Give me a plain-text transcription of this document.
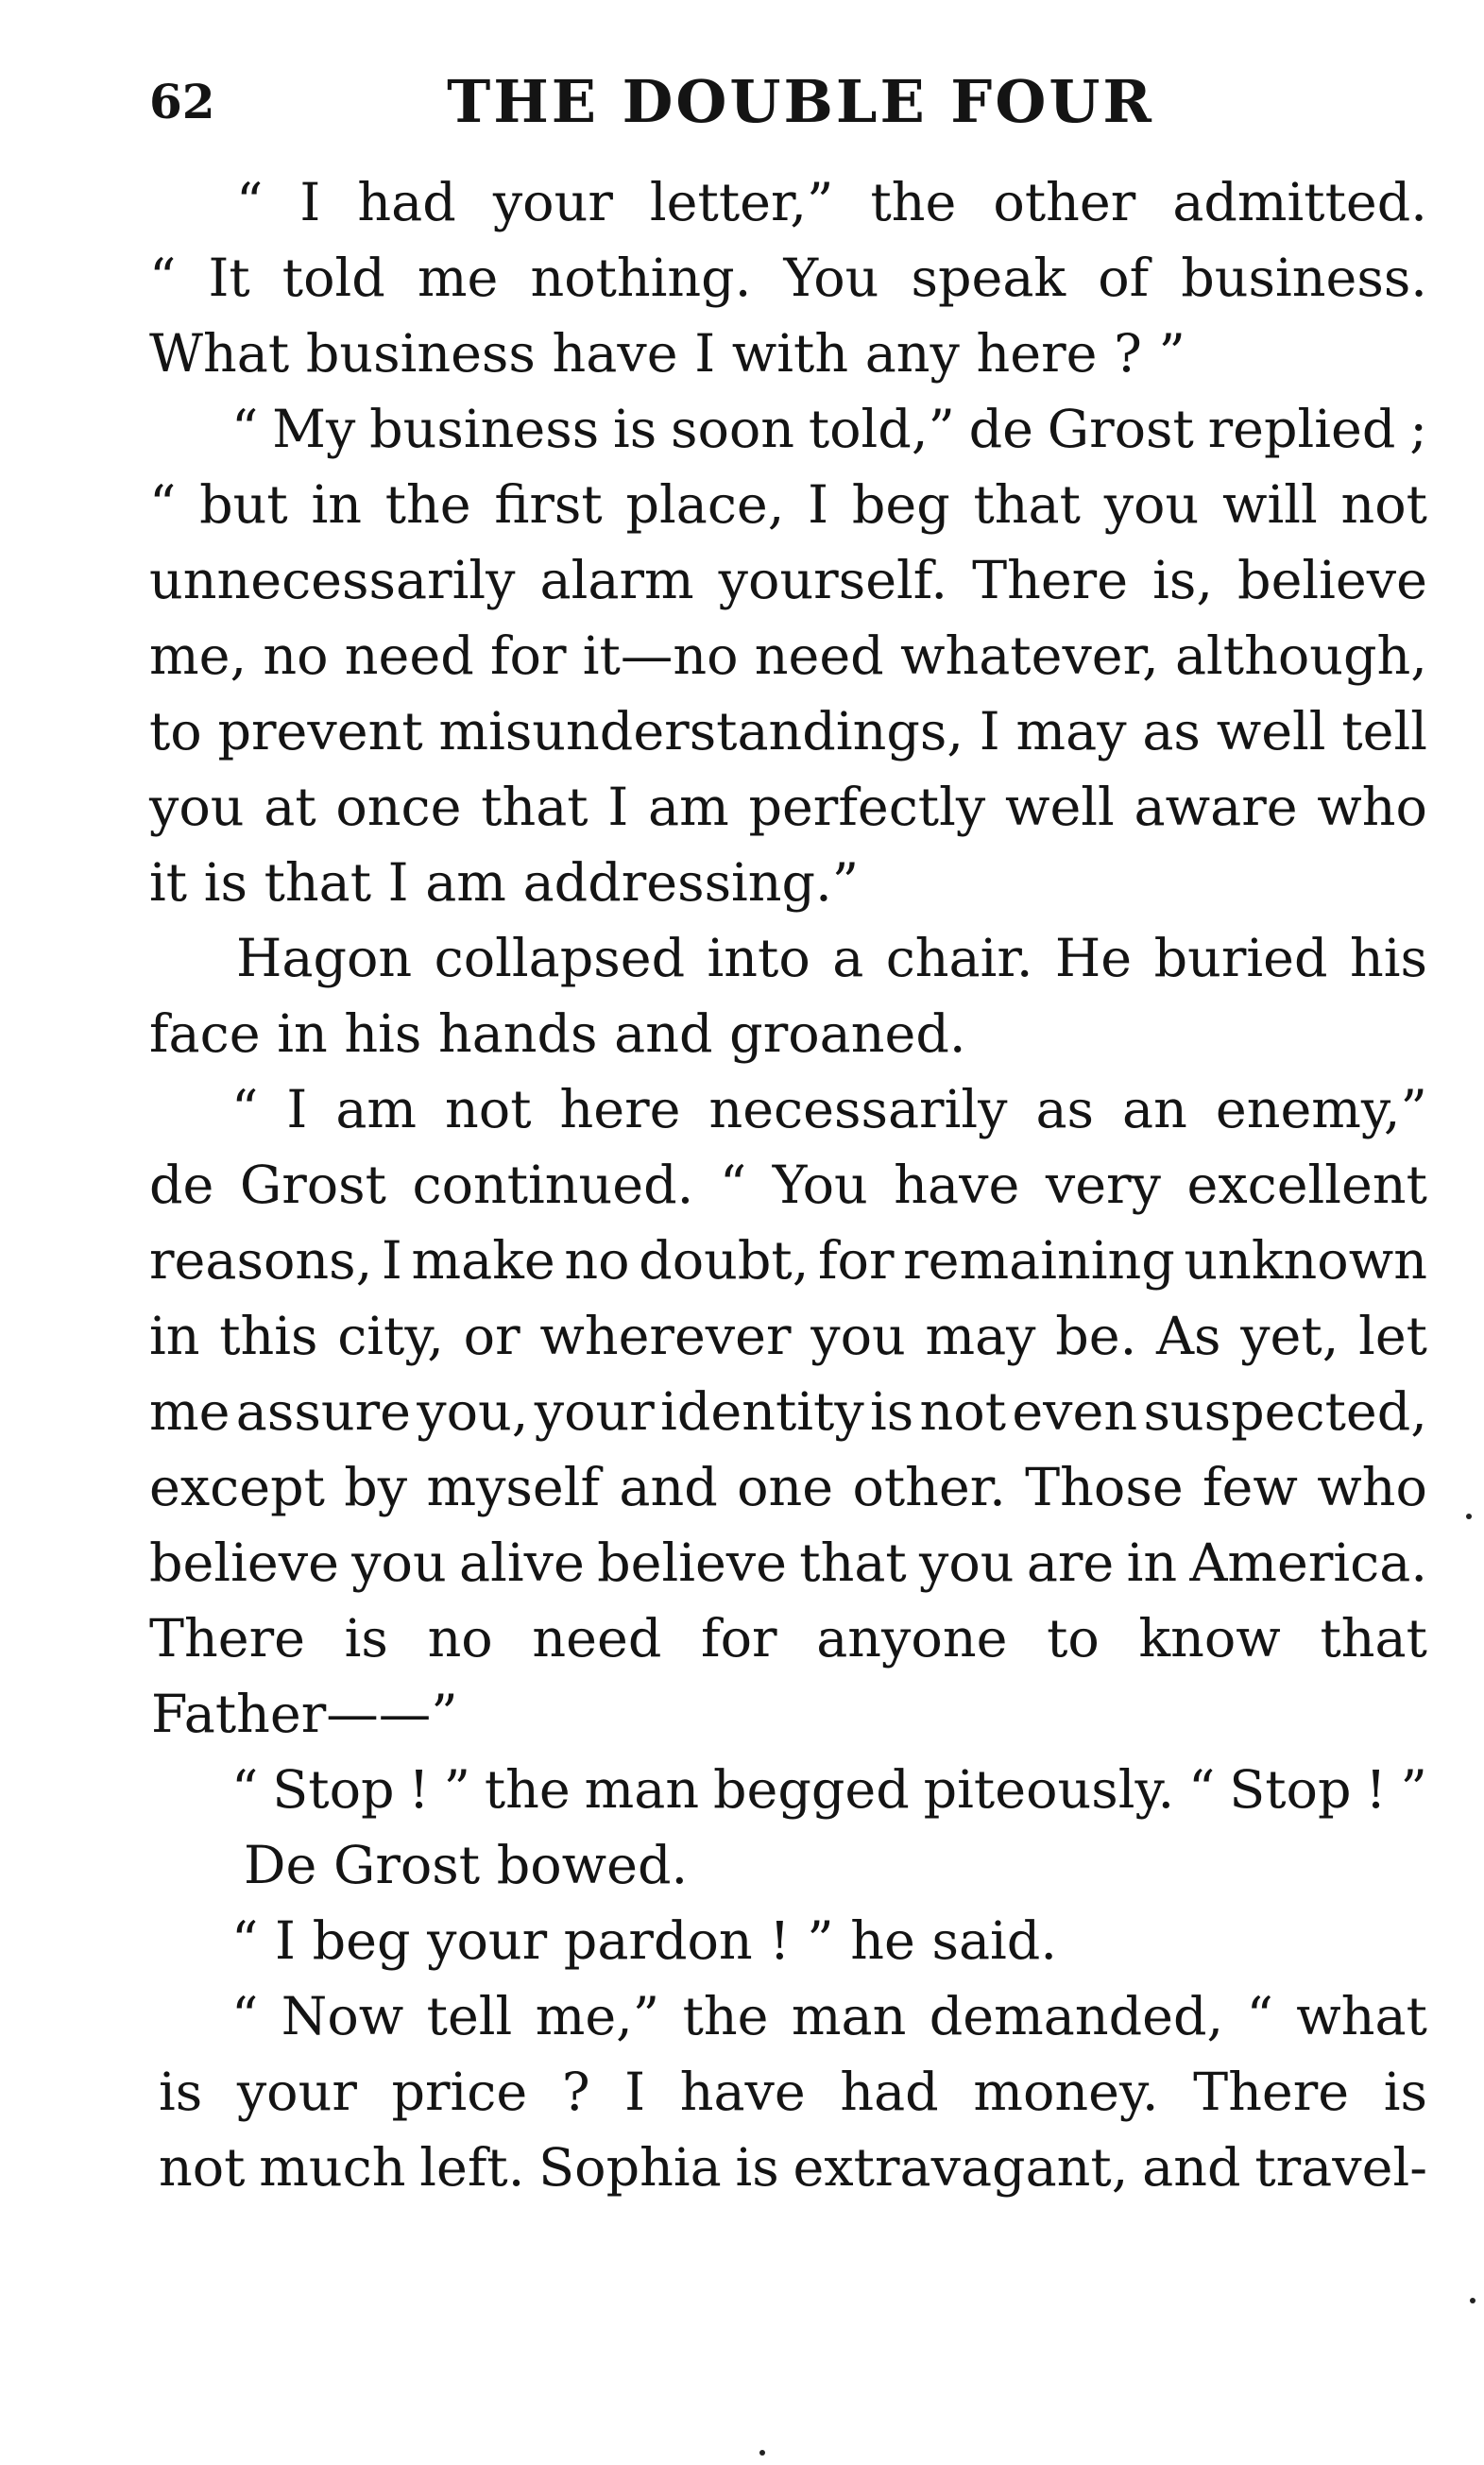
62	THE DOUBLE FOUR
“ I had your letter,” the other admitted.
“ It told me nothing. You speak of business.
What business have I with any here ? ”
“ My business is soon told,” de Grost replied ;
“ but in the first place, I beg that you will not
unnecessarily alarm yourself. There is, believe
me, no need for it—no need whatever, although,
to prevent misunderstandings, I may as well tell
you at once that I am perfectly well aware who
it is that I am addressing.”
Hagon collapsed into a chair. He buried his
face in his hands and groaned.
“ I am not here necessarily as an enemy,”
de Grost continued. “ You have very excellent
reasons, I make no doubt, for remaining unknown
in this city, or wherever you may be. As yet, let
me assure you, your identity is not even suspected,
except by myself and one other. Those few who
believe you alive believe that you are in America.
There is no need for anyone to know that
Father——”
“ Stop ! ” the man begged piteously. “ Stop ! ”
De Grost bowed.
“ I beg your pardon ! ” he said.
“ Now tell me,” the man demanded, “ what
is your price ? I have had money. There is
not much left. Sophia is extravagant, and travel-
